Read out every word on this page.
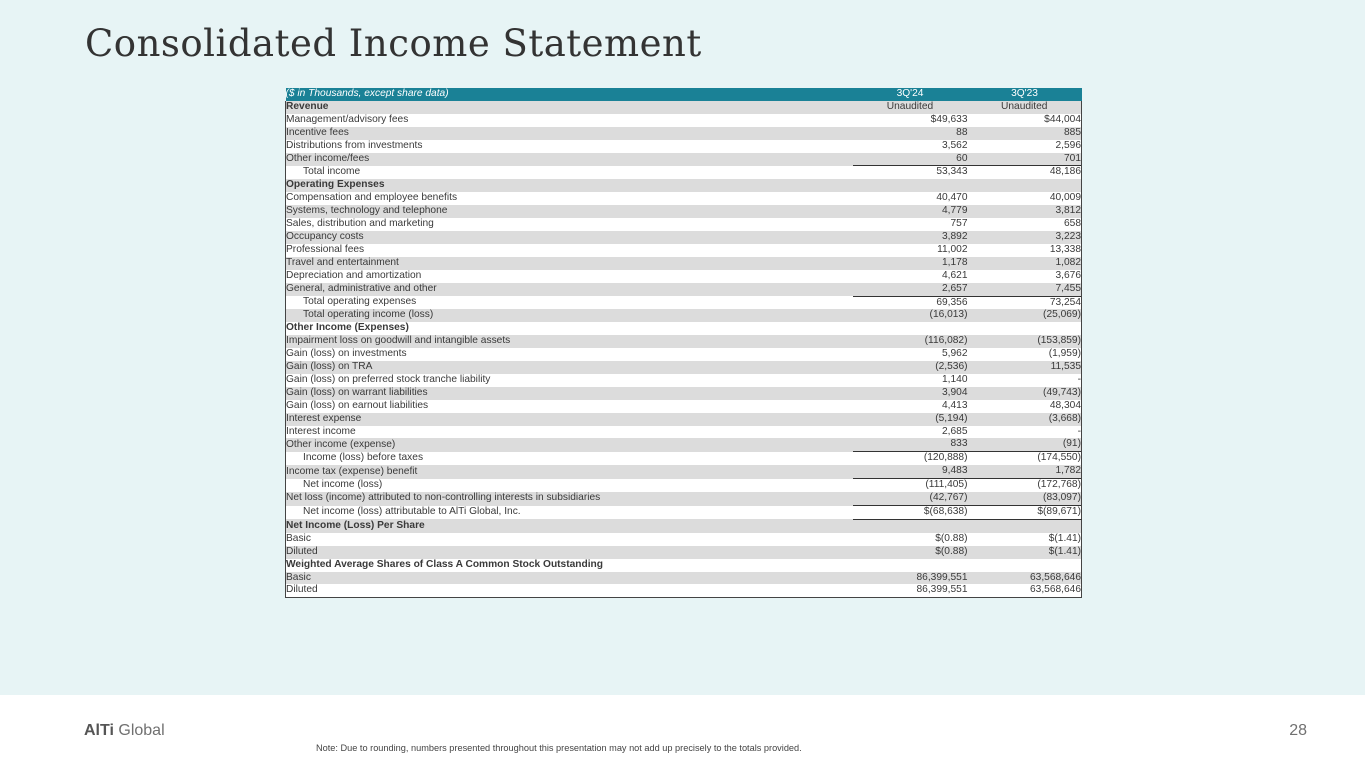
Consolidated Income Statement
($ in Thousands, except share data)	3Q'24	3Q'23
Revenue	Unaudited	Unaudited
Management/advisory fees	$49,633	$44,004
Incentive fees	88	885
Distributions from investments	3,562	2,596
Other income/fees	60	701
Total income	53,343	48,186
Operating Expenses		
Compensation and employee benefits	40,470	40,009
Systems, technology and telephone	4,779	3,812
Sales, distribution and marketing	757	658
Occupancy costs	3,892	3,223
Professional fees	11,002	13,338
Travel and entertainment	1,178	1,082
Depreciation and amortization	4,621	3,676
General, administrative and other	2,657	7,455
Total operating expenses	69,356	73,254
Total operating income (loss)	(16,013)	(25,069)
Other Income (Expenses)		
Impairment loss on goodwill and intangible assets	(116,082)	(153,859)
Gain (loss) on investments	5,962	(1,959)
Gain (loss) on TRA	(2,536)	11,535
Gain (loss) on preferred stock tranche liability	1,140	-
Gain (loss) on warrant liabilities	3,904	(49,743)
Gain (loss) on earnout liabilities	4,413	48,304
Interest expense	(5,194)	(3,668)
Interest income	2,685	-
Other income (expense)	833	(91)
Income (loss) before taxes	(120,888)	(174,550)
Income tax (expense) benefit	9,483	1,782
Net income (loss)	(111,405)	(172,768)
Net loss (income) attributed to non-controlling interests in subsidiaries	(42,767)	(83,097)
Net income (loss) attributable to AlTi Global, Inc.	$(68,638)	$(89,671)
Net Income (Loss) Per Share		
Basic	$(0.88)	$(1.41)
Diluted	$(0.88)	$(1.41)
Weighted Average Shares of Class A Common Stock Outstanding		
Basic	86,399,551	63,568,646
Diluted	86,399,551	63,568,646
AlTi Global
Note: Due to rounding, numbers presented throughout this presentation may not add up precisely to the totals provided.
28
